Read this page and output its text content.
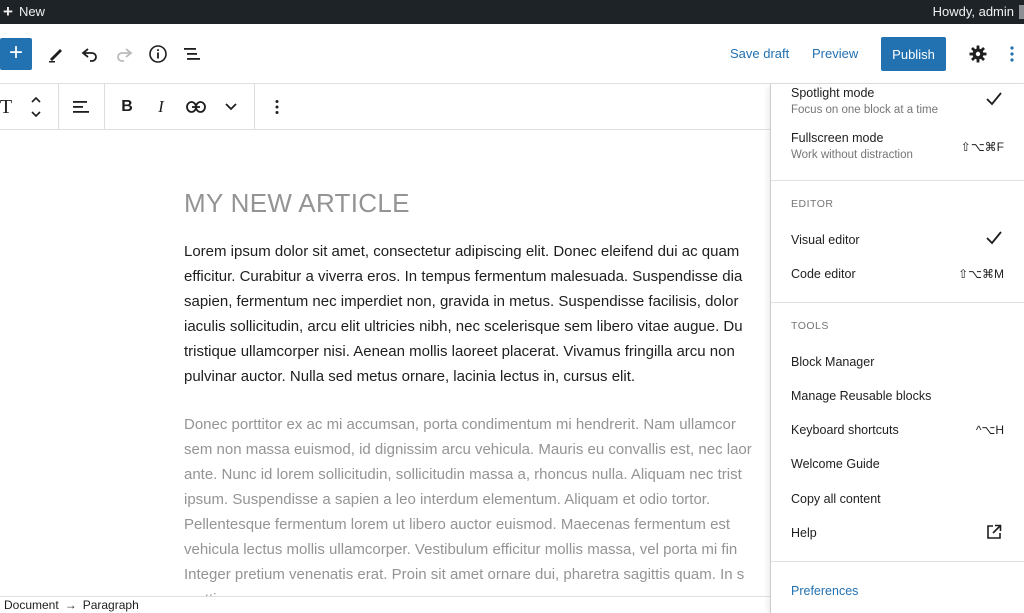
+ New	Howdy, admin
+	Save draft Preview	Publish
T	B	I
MY NEW ARTICLE
Lorem ipsum dolor sit amet, consectetur adipiscing elit. Donec eleifend dui ac quam
efficitur. Curabitur a viverra eros. In tempus fermentum malesuada. Suspendisse dia
sapien, fermentum nec imperdiet non, gravida in metus. Suspendisse facilisis, dolor
iaculis sollicitudin, arcu elit ultricies nibh, nec scelerisque sem libero vitae augue. Du
tristique ullamcorper nisi. Aenean mollis laoreet placerat. Vivamus fringilla arcu non
pulvinar auctor. Nulla sed metus ornare, lacinia lectus in, cursus elit.
Donec porttitor ex ac mi accumsan, porta condimentum mi hendrerit. Nam ullamcor
sem non massa euismod, id dignissim arcu vehicula. Mauris eu convallis est, nec laor
ante. Nunc id lorem sollicitudin, sollicitudin massa a, rhoncus nulla. Aliquam nec trist
ipsum. Suspendisse a sapien a leo interdum elementum. Aliquam et odio tortor.
Pellentesque fermentum lorem ut libero auctor euismod. Maecenas fermentum est
vehicula lectus mollis ullamcorper. Vestibulum efficitur mollis massa, vel porta mi fin
Integer pretium venenatis erat. Proin sit amet ornare dui, pharetra sagittis quam. In s
Document → Paragraph
Spotlight mode
Focus on one block at a time
Fullscreen mode
Work without distraction
⇧⌥⌘F
EDITOR
Visual editor
Code editor	⇧⌥⌘M
TOOLS
Block Manager
Manage Reusable blocks
Keyboard shortcuts	^⌥H
Welcome Guide
Copy all content
Help
Preferences
